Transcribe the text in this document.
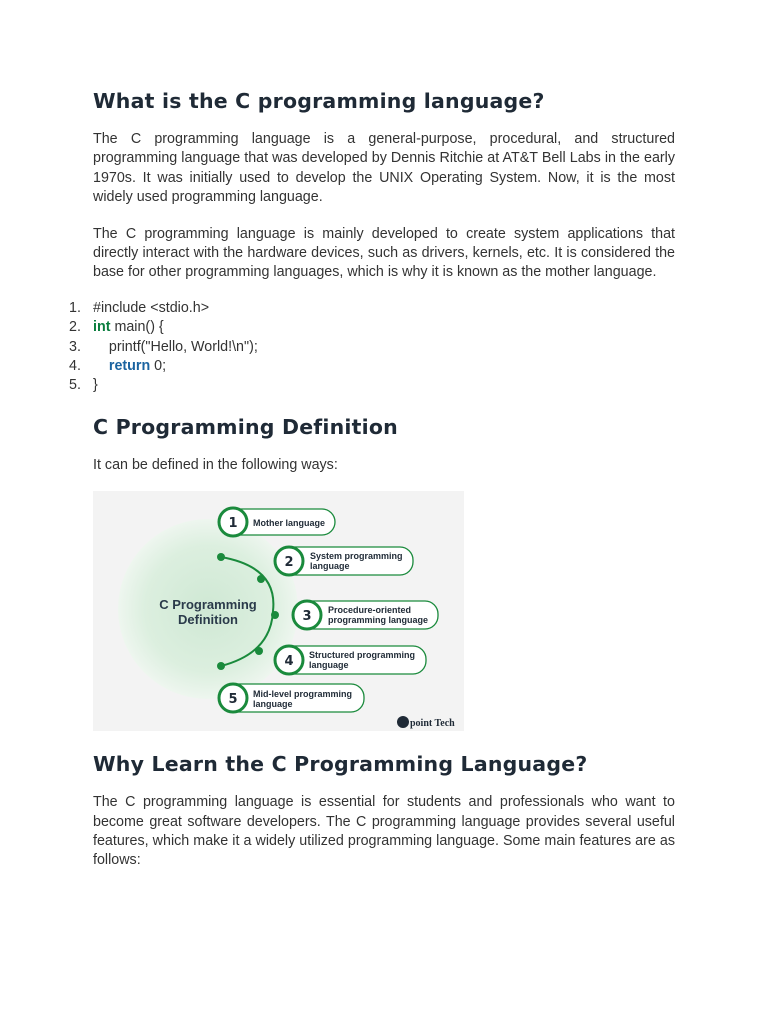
What is the C programming language?

The C programming language is a general-purpose, procedural, and structured programming language that was developed by Dennis Ritchie at AT&T Bell Labs in the early 1970s. It was initially used to develop the UNIX Operating System. Now, it is the most widely used programming language.

The C programming language is mainly developed to create system applications that directly interact with the hardware devices, such as drivers, kernels, etc. It is considered the base for other programming languages, which is why it is known as the mother language.

1. #include <stdio.h>
2. int main() {
3. printf("Hello, World!\n");
4.	return 0;
5. }
C Programming Definition

It can be defined in the following ways:

C Programming
Definition
1 Mother language
2 System programming
language
3 Procedure-oriented
programming language
4 Structured programming
language
5 Mid-level programming
language
point Tech
Why Learn the C Programming Language?

The C programming language is essential for students and professionals who want to become great software developers. The C programming language provides several useful features, which make it a widely utilized programming language. Some main features are as follows:
